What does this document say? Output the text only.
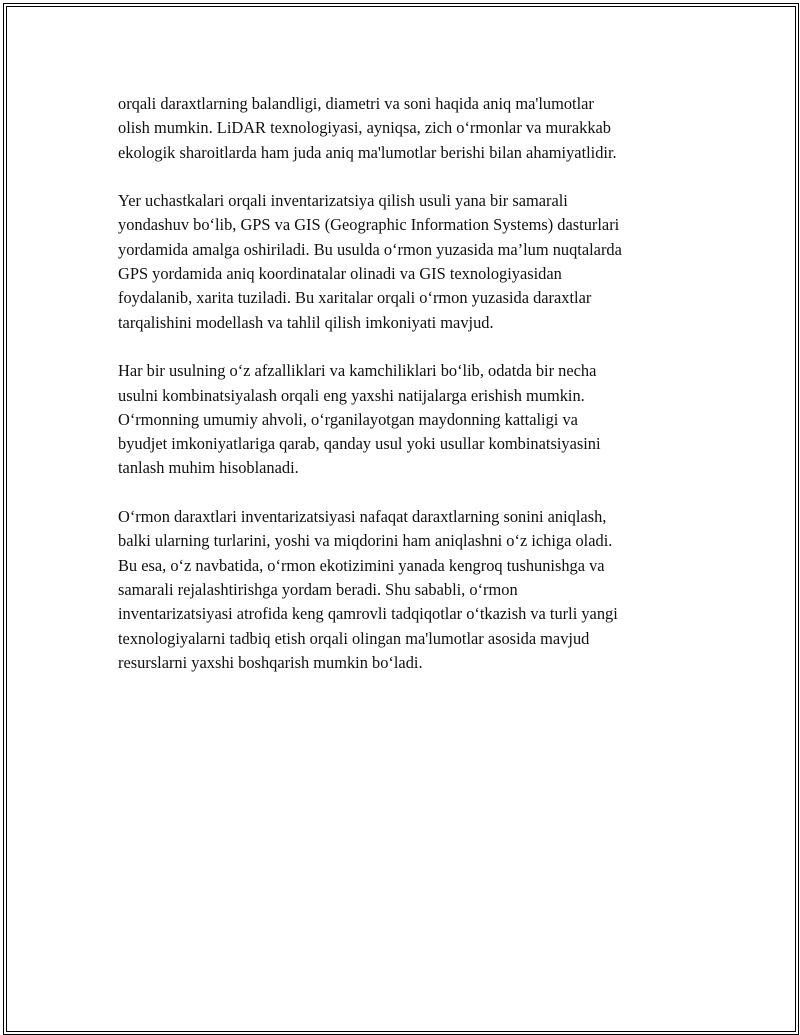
orqali daraxtlarning balandligi, diametri va soni haqida aniq ma'lumotlar
olish mumkin. LiDAR texnologiyasi, ayniqsa, zich o‘rmonlar va murakkab
ekologik sharoitlarda ham juda aniq ma'lumotlar berishi bilan ahamiyatlidir.

Yer uchastkalari orqali inventarizatsiya qilish usuli yana bir samarali
yondashuv bo‘lib, GPS va GIS (Geographic Information Systems) dasturlari
yordamida amalga oshiriladi. Bu usulda o‘rmon yuzasida ma’lum nuqtalarda
GPS yordamida aniq koordinatalar olinadi va GIS texnologiyasidan
foydalanib, xarita tuziladi. Bu xaritalar orqali o‘rmon yuzasida daraxtlar
tarqalishini modellash va tahlil qilish imkoniyati mavjud.

Har bir usulning o‘z afzalliklari va kamchiliklari bo‘lib, odatda bir necha
usulni kombinatsiyalash orqali eng yaxshi natijalarga erishish mumkin.
O‘rmonning umumiy ahvoli, o‘rganilayotgan maydonning kattaligi va
byudjet imkoniyatlariga qarab, qanday usul yoki usullar kombinatsiyasini
tanlash muhim hisoblanadi.

O‘rmon daraxtlari inventarizatsiyasi nafaqat daraxtlarning sonini aniqlash,
balki ularning turlarini, yoshi va miqdorini ham aniqlashni o‘z ichiga oladi.
Bu esa, o‘z navbatida, o‘rmon ekotizimini yanada kengroq tushunishga va
samarali rejalashtirishga yordam beradi. Shu sababli, o‘rmon
inventarizatsiyasi atrofida keng qamrovli tadqiqotlar o‘tkazish va turli yangi
texnologiyalarni tadbiq etish orqali olingan ma'lumotlar asosida mavjud
resurslarni yaxshi boshqarish mumkin bo‘ladi.
